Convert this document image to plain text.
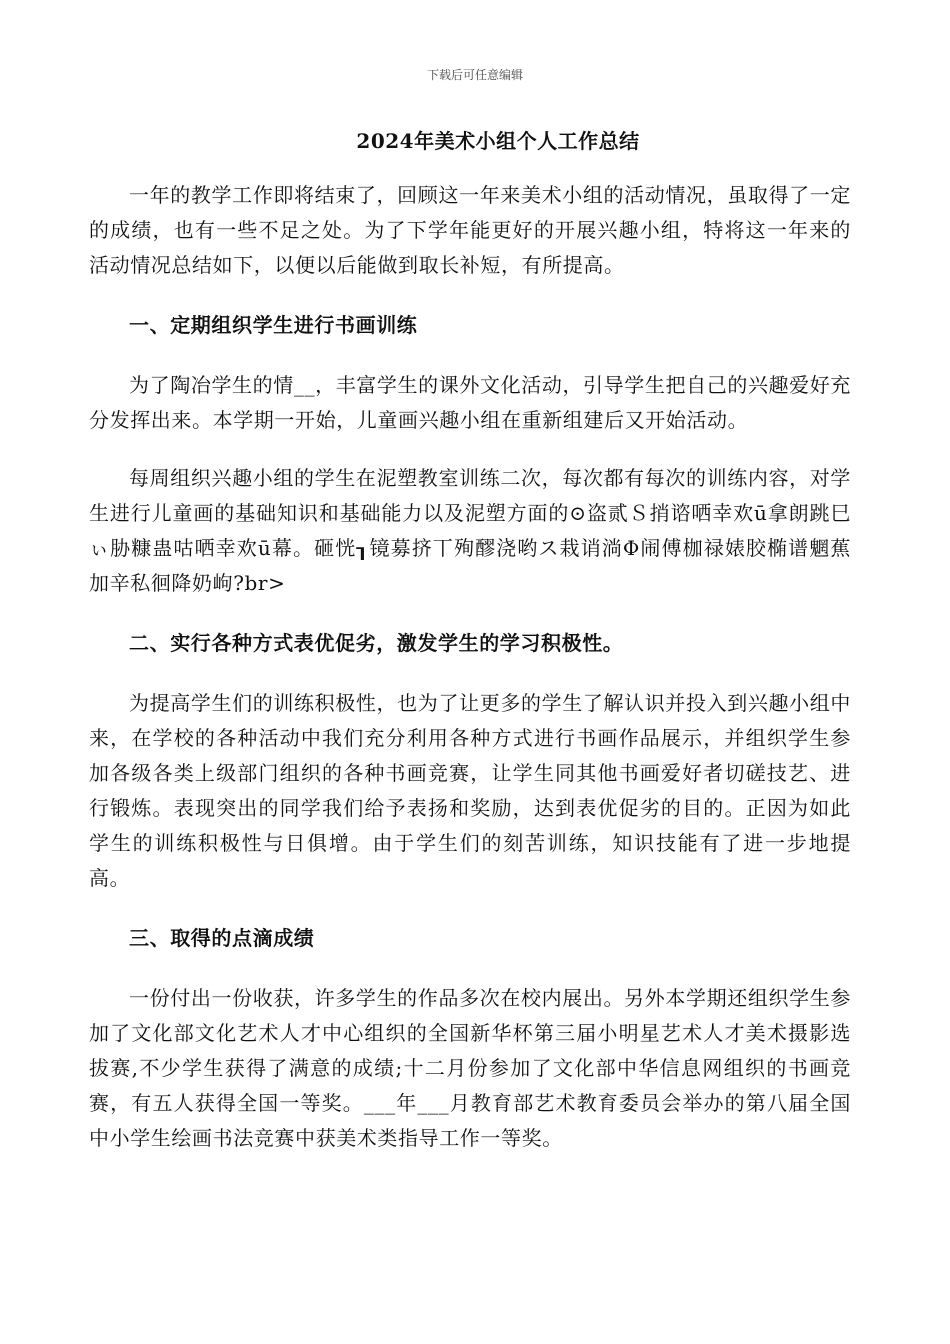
下载后可任意编辑
2024年美术小组个人工作总结

一年的教学工作即将结束了，回顾这一年来美术小组的活动情况，虽取得了一定的成绩，也有一些不足之处。为了下学年能更好的开展兴趣小组，特将这一年来的活动情况总结如下，以便以后能做到取长补短，有所提高。

一、定期组织学生进行书画训练

为了陶冶学生的情__，丰富学生的课外文化活动，引导学生把自己的兴趣爱好充分发挥出来。本学期一开始，儿童画兴趣小组在重新组建后又开始活动。

每周组织兴趣小组的学生在泥塑教室训练二次，每次都有每次的训练内容，对学生进行儿童画的基础知识和基础能力以及泥塑方面的⊙盗贰Ｓ捎谘哂幸欢ū拿朗跳巳ぃ胁糠蛊咕哂幸欢ū幕。砸恍┒镜募挤丅殉醪浇哟ス栽诮淌Φ闹傅枷禄婊胶椭谱魍蕉加辛私徊降奶岣?br>

二、实行各种方式表优促劣，激发学生的学习积极性。

为提高学生们的训练积极性，也为了让更多的学生了解认识并投入到兴趣小组中来，在学校的各种活动中我们充分利用各种方式进行书画作品展示，并组织学生参加各级各类上级部门组织的各种书画竞赛，让学生同其他书画爱好者切磋技艺、进行锻炼。表现突出的同学我们给予表扬和奖励，达到表优促劣的目的。正因为如此学生的训练积极性与日俱增。由于学生们的刻苦训练，知识技能有了进一步地提高。

三、取得的点滴成绩

一份付出一份收获，许多学生的作品多次在校内展出。另外本学期还组织学生参加了文化部文化艺术人才中心组织的全国新华杯第三届小明星艺术人才美术摄影选拔赛,不少学生获得了满意的成绩;十二月份参加了文化部中华信息网组织的书画竞赛，有五人获得全国一等奖。___年___月教育部艺术教育委员会举办的第八届全国中小学生绘画书法竞赛中获美术类指导工作一等奖。
